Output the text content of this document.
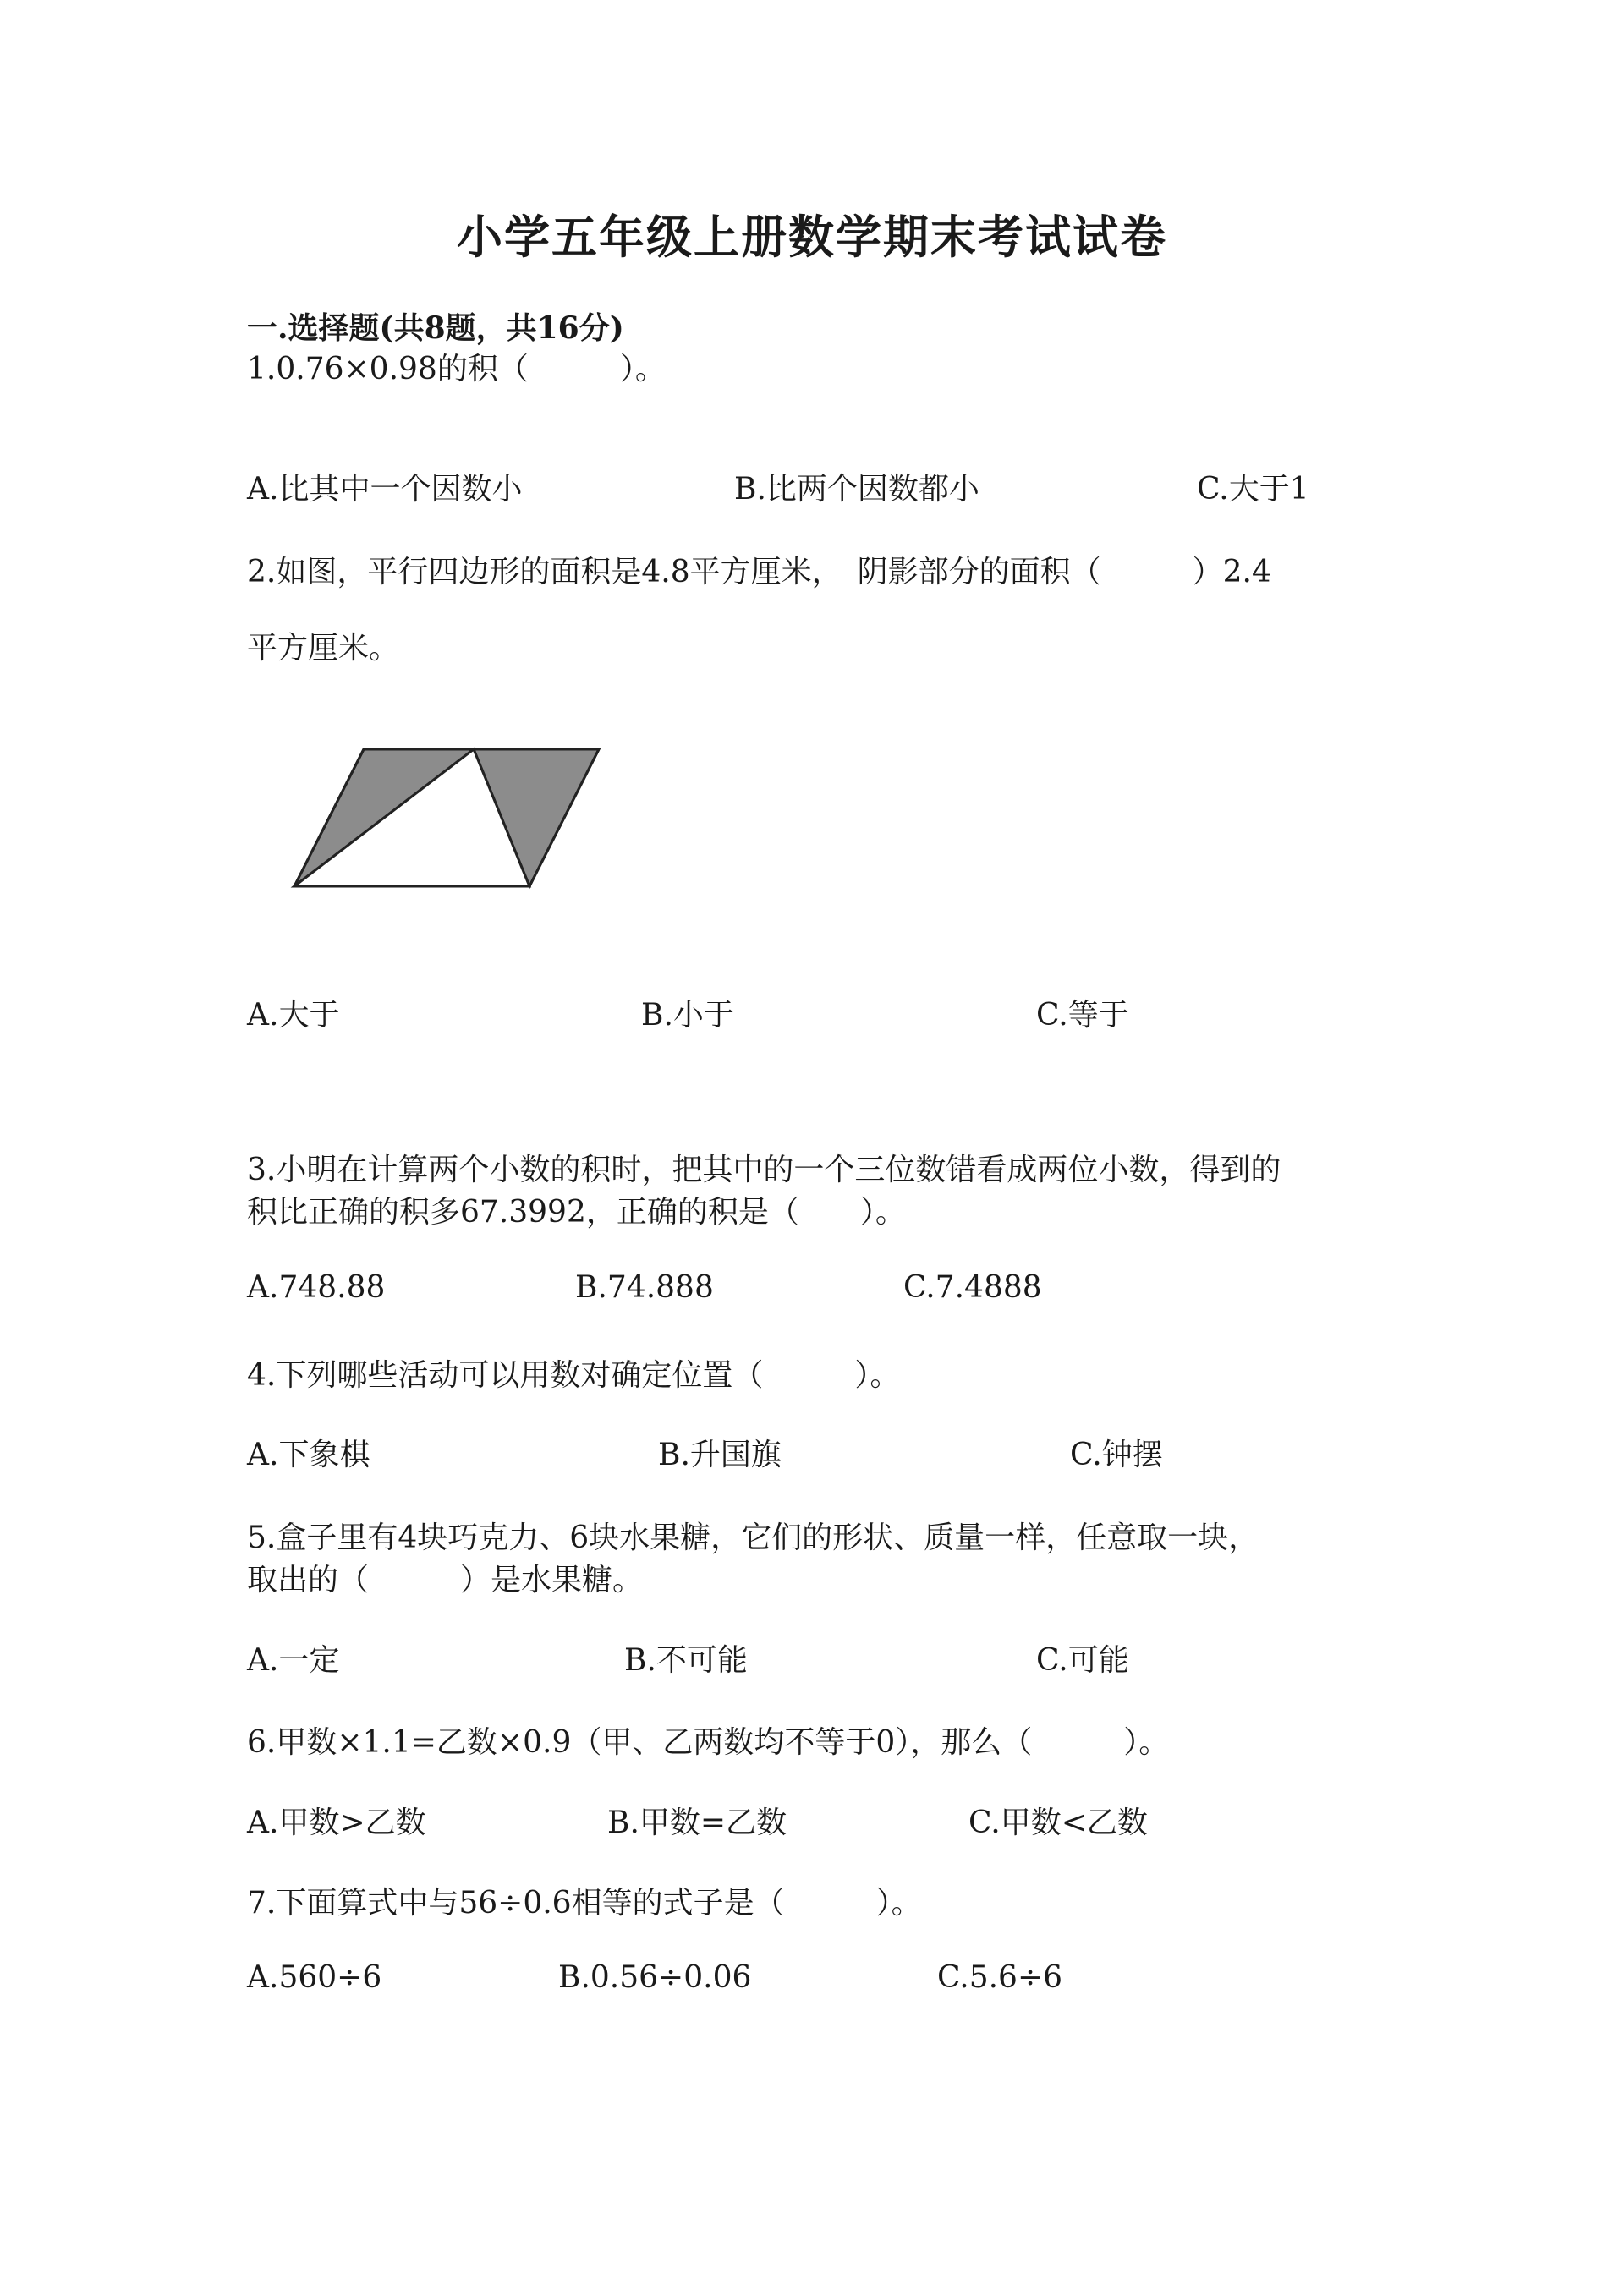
小学五年级上册数学期末考试试卷
一.选择题(共8题，共16分)
1.0.76×0.98的积（　　　）。
A.比其中一个因数小	B.比两个因数都小	C.大于1
2.如图，平行四边形的面积是4.8平方厘米，　阴影部分的面积（　　　）2.4
平方厘米。
A.大于	B.小于	C.等于
3.小明在计算两个小数的积时，把其中的一个三位数错看成两位小数，得到的
积比正确的积多67.3992，正确的积是（　　）。
A.748.88	B.74.888	C.7.4888
4.下列哪些活动可以用数对确定位置（　　　）。
A.下象棋	B.升国旗	C.钟摆
5.盒子里有4块巧克力、6块水果糖，它们的形状、质量一样，任意取一块，
取出的（　　　）是水果糖。
A.一定	B.不可能	C.可能
6.甲数×1.1=乙数×0.9（甲、乙两数均不等于0），那么（　　　）。
A.甲数>乙数	B.甲数=乙数	C.甲数<乙数
7.下面算式中与56÷0.6相等的式子是（　　　）。
A.560÷6	B.0.56÷0.06	C.5.6÷6
